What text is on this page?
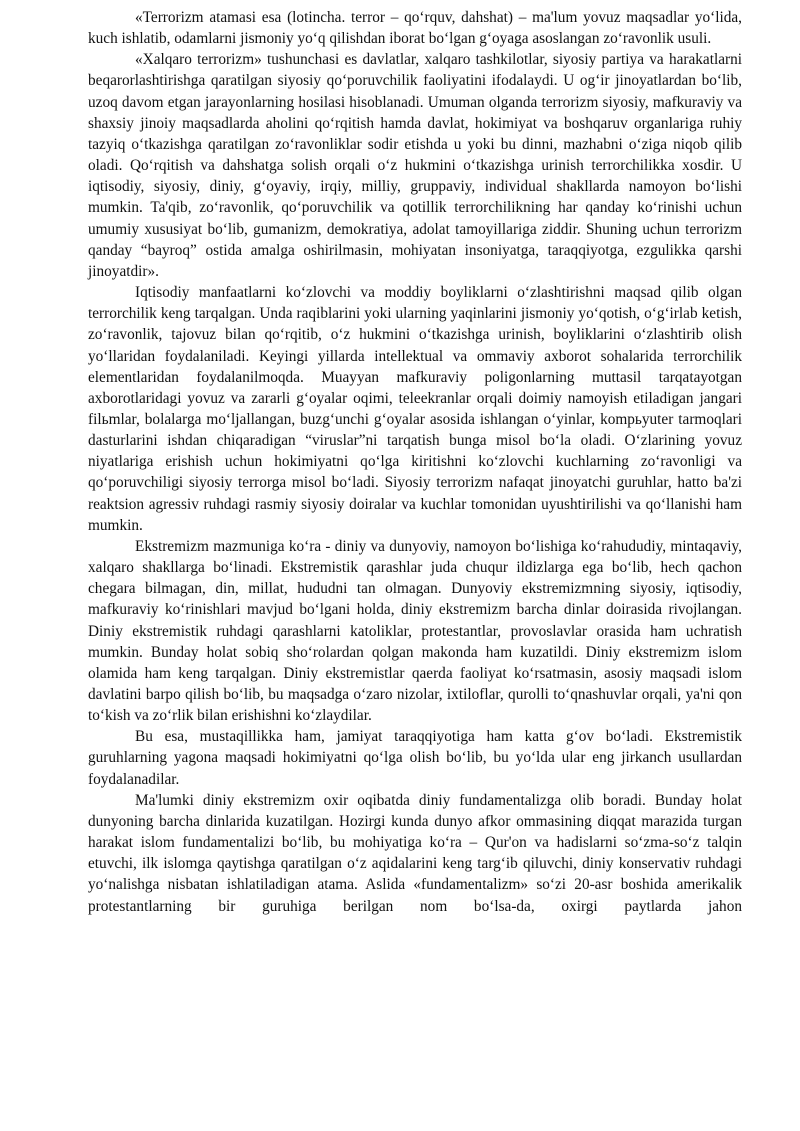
«Terrorizm atamasi esa (lotincha. terror – qo‘rquv, dahshat) – ma'lum yovuz maqsadlar yo‘lida, kuch ishlatib, odamlarni jismoniy yo‘q qilishdan iborat bo‘lgan g‘oyaga asoslangan zo‘ravonlik usuli.

«Xalqaro terrorizm» tushunchasi es davlatlar, xalqaro tashkilotlar, siyosiy partiya va harakatlarni beqarorlashtirishga qaratilgan siyosiy qo‘poruvchilik faoliyatini ifodalaydi. U og‘ir jinoyatlardan bo‘lib, uzoq davom etgan jarayonlarning hosilasi hisoblanadi. Umuman olganda terrorizm siyosiy, mafkuraviy va shaxsiy jinoiy maqsadlarda aholini qo‘rqitish hamda davlat, hokimiyat va boshqaruv organlariga ruhiy tazyiq o‘tkazishga qaratilgan zo‘ravonliklar sodir etishda u yoki bu dinni, mazhabni o‘ziga niqob qilib oladi. Qo‘rqitish va dahshatga solish orqali o‘z hukmini o‘tkazishga urinish terrorchilikka xosdir. U iqtisodiy, siyosiy, diniy, g‘oyaviy, irqiy, milliy, gruppaviy, individual shakllarda namoyon bo‘lishi mumkin. Ta'qib, zo‘ravonlik, qo‘poruvchilik va qotillik terrorchilikning har qanday ko‘rinishi uchun umumiy xususiyat bo‘lib, gumanizm, demokratiya, adolat tamoyillariga ziddir. Shuning uchun terrorizm qanday “bayroq” ostida amalga oshirilmasin, mohiyatan insoniyatga, taraqqiyotga, ezgulikka qarshi jinoyatdir».

Iqtisodiy manfaatlarni ko‘zlovchi va moddiy boyliklarni o‘zlashtirishni maqsad qilib olgan terrorchilik keng tarqalgan. Unda raqiblarini yoki ularning yaqinlarini jismoniy yo‘qotish, o‘g‘irlab ketish, zo‘ravonlik, tajovuz bilan qo‘rqitib, o‘z hukmini o‘tkazishga urinish, boyliklarini o‘zlashtirib olish yo‘llaridan foydalaniladi. Keyingi yillarda intellektual va ommaviy axborot sohalarida terrorchilik elementlaridan foydalanilmoqda. Muayyan mafkuraviy poligonlarning muttasil tarqatayotgan axborotlaridagi yovuz va zararli g‘oyalar oqimi, teleekranlar orqali doimiy namoyish etiladigan jangari filьmlar, bolalarga mo‘ljallangan, buzg‘unchi g‘oyalar asosida ishlangan o‘yinlar, kompьyuter tarmoqlari dasturlarini ishdan chiqaradigan “viruslar”ni tarqatish bunga misol bo‘la oladi. O‘zlarining yovuz niyatlariga erishish uchun hokimiyatni qo‘lga kiritishni ko‘zlovchi kuchlarning zo‘ravonligi va qo‘poruvchiligi siyosiy terrorga misol bo‘ladi. Siyosiy terrorizm nafaqat jinoyatchi guruhlar, hatto ba'zi reaktsion agressiv ruhdagi rasmiy siyosiy doiralar va kuchlar tomonidan uyushtirilishi va qo‘llanishi ham mumkin.

Ekstremizm mazmuniga ko‘ra - diniy va dunyoviy, namoyon bo‘lishiga ko‘rahududiy, mintaqaviy, xalqaro shakllarga bo‘linadi. Ekstremistik qarashlar juda chuqur ildizlarga ega bo‘lib, hech qachon chegara bilmagan, din, millat, hududni tan olmagan. Dunyoviy ekstremizmning siyosiy, iqtisodiy, mafkuraviy ko‘rinishlari mavjud bo‘lgani holda, diniy ekstremizm barcha dinlar doirasida rivojlangan. Diniy ekstremistik ruhdagi qarashlarni katoliklar, protestantlar, provoslavlar orasida ham uchratish mumkin. Bunday holat sobiq sho‘rolardan qolgan makonda ham kuzatildi. Diniy ekstremizm islom olamida ham keng tarqalgan. Diniy ekstremistlar qaerda faoliyat ko‘rsatmasin, asosiy maqsadi islom davlatini barpo qilish bo‘lib, bu maqsadga o‘zaro nizolar, ixtiloflar, qurolli to‘qnashuvlar orqali, ya'ni qon to‘kish va zo‘rlik bilan erishishni ko‘zlaydilar.

Bu esa, mustaqillikka ham, jamiyat taraqqiyotiga ham katta g‘ov bo‘ladi. Ekstremistik guruhlarning yagona maqsadi hokimiyatni qo‘lga olish bo‘lib, bu yo‘lda ular eng jirkanch usullardan foydalanadilar.

Ma'lumki diniy ekstremizm oxir oqibatda diniy fundamentalizga olib boradi. Bunday holat dunyoning barcha dinlarida kuzatilgan. Hozirgi kunda dunyo afkor ommasining diqqat marazida turgan harakat islom fundamentalizi bo‘lib, bu mohiyatiga ko‘ra – Qur'on va hadislarni so‘zma-so‘z talqin etuvchi, ilk islomga qaytishga qaratilgan o‘z aqidalarini keng targ‘ib qiluvchi, diniy konservativ ruhdagi yo‘nalishga nisbatan ishlatiladigan atama. Aslida «fundamentalizm» so‘zi 20-asr boshida amerikalik protestantlarning bir guruhiga berilgan nom bo‘lsa-da, oxirgi paytlarda jahon
